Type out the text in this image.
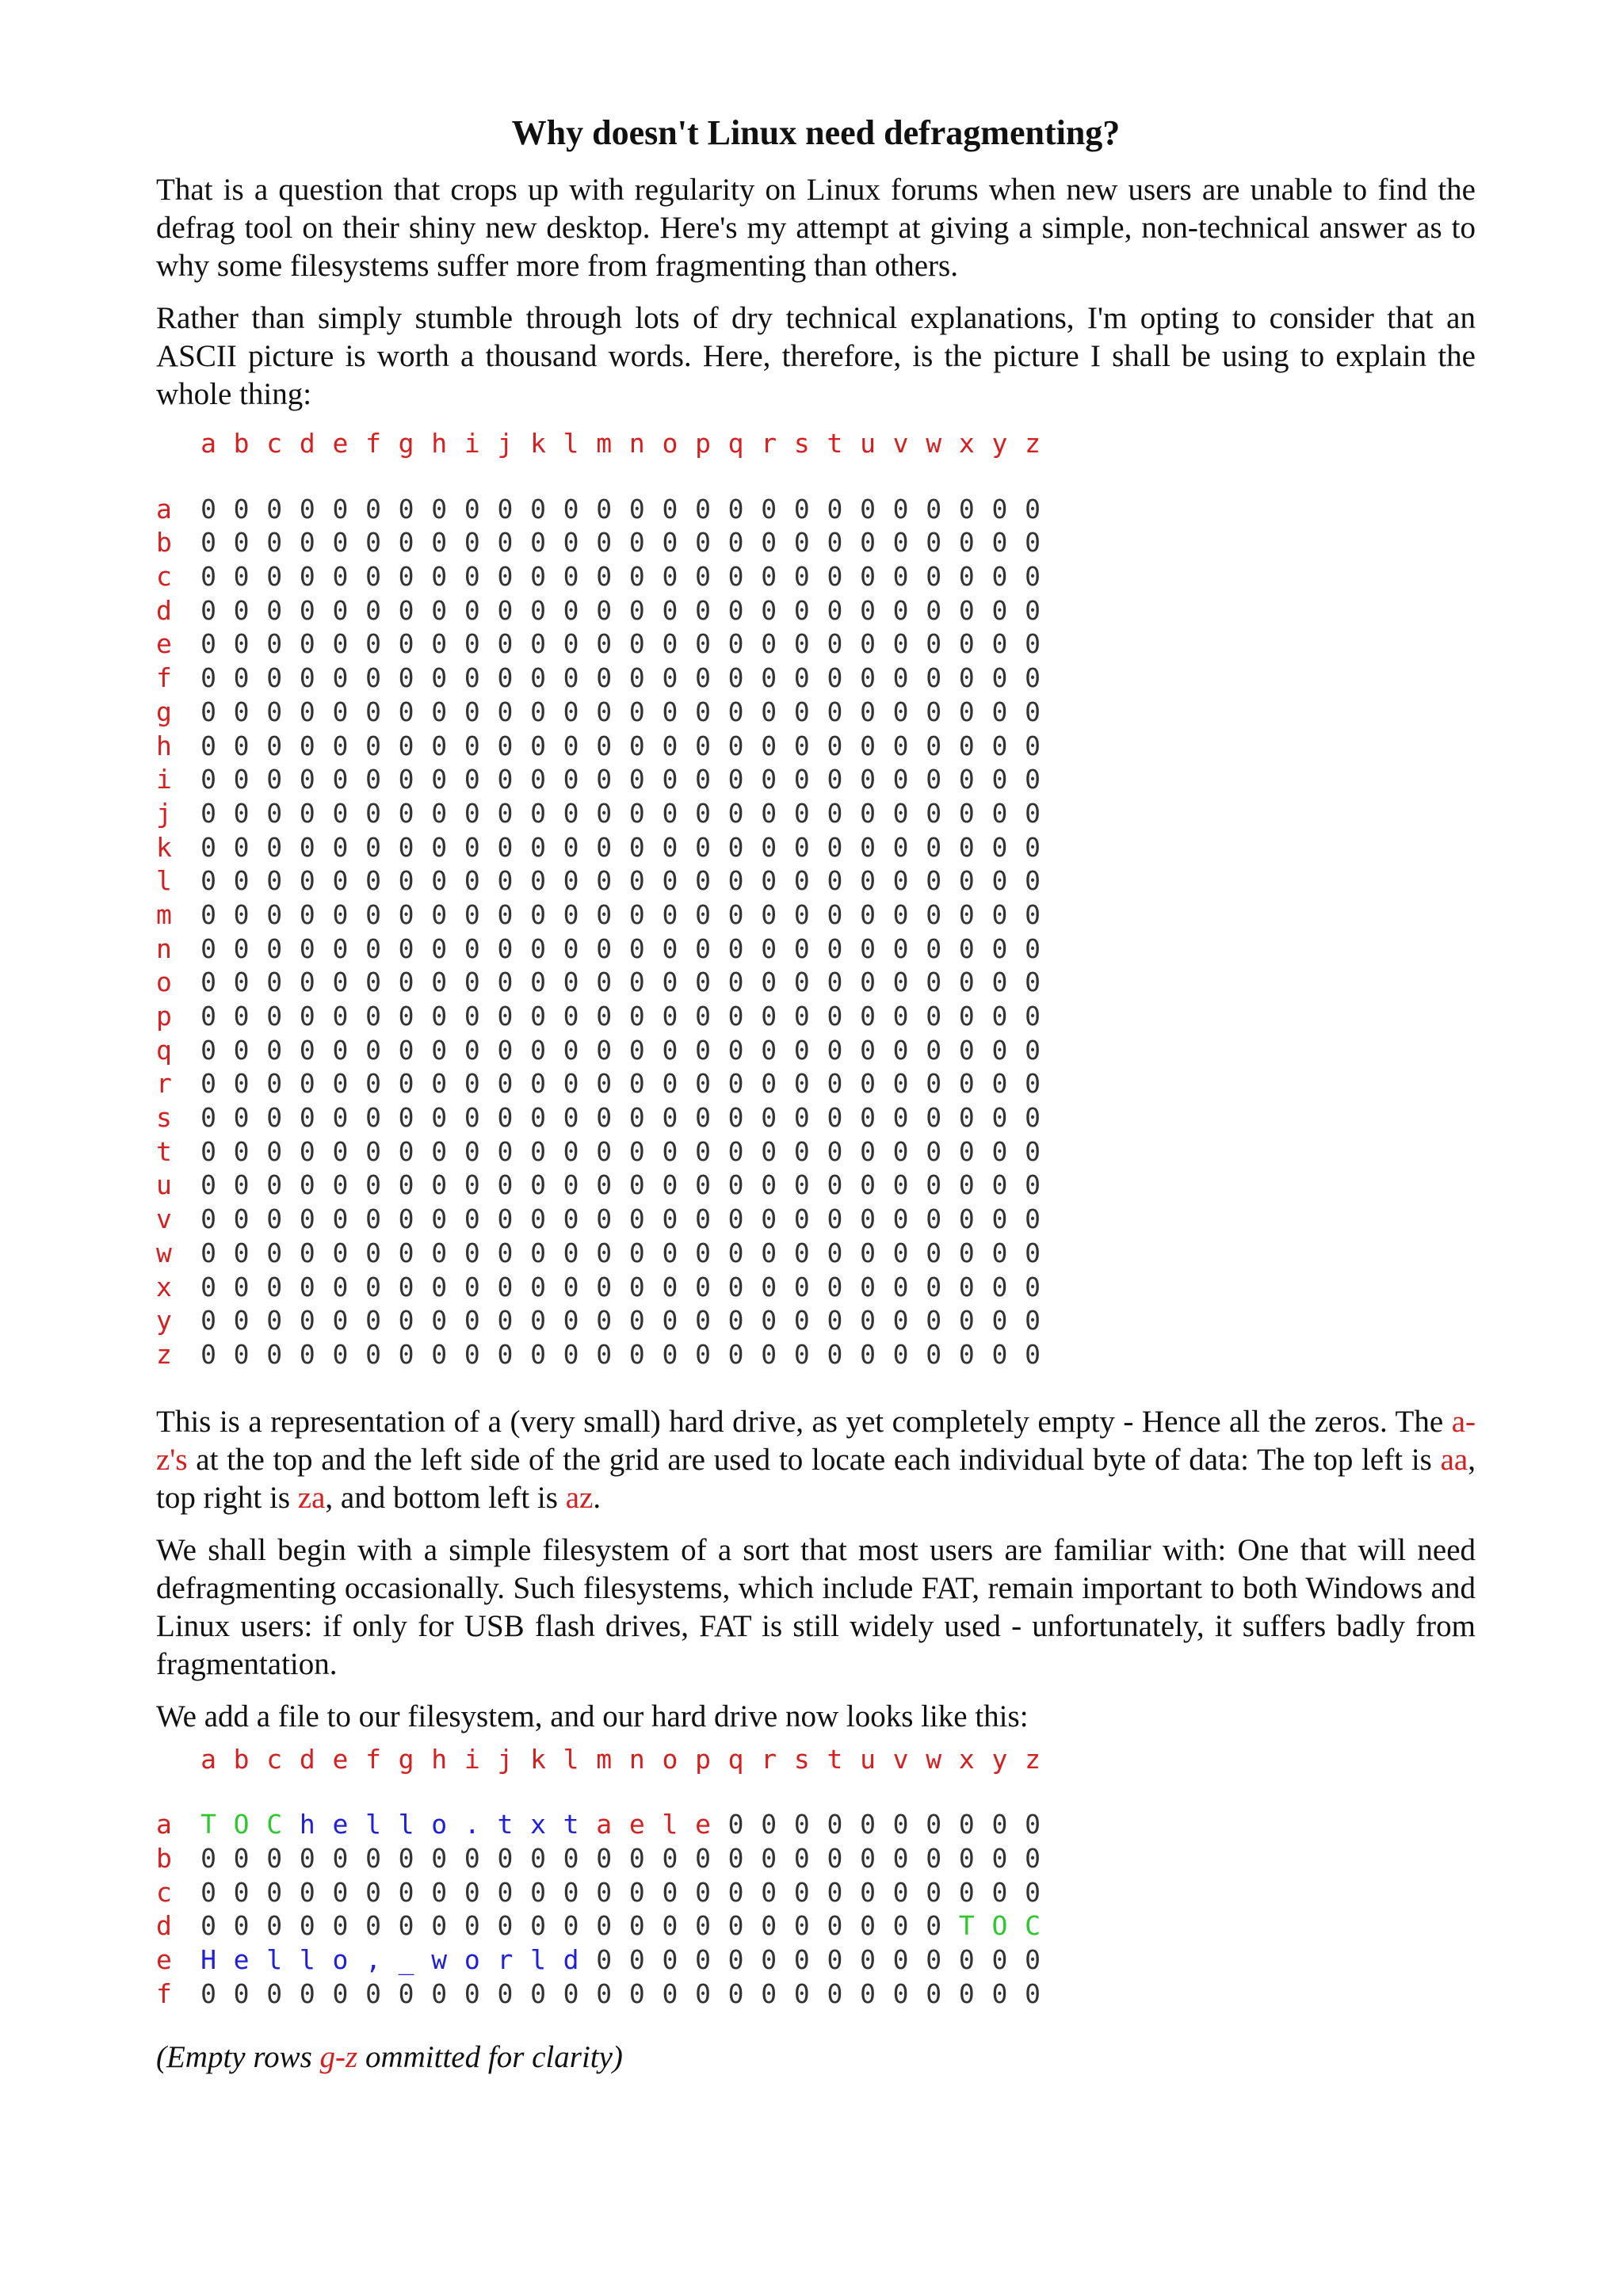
Why doesn't Linux need defragmenting?

That is a question that crops up with regularity on Linux forums when new users are unable to find the defrag tool on their shiny new desktop. Here's my attempt at giving a simple, non-technical answer as to why some filesystems suffer more from fragmenting than others.

Rather than simply stumble through lots of dry technical explanations, I'm opting to consider that an ASCII picture is worth a thousand words. Here, therefore, is the picture I shall be using to explain the whole thing:

a b c d e f g h i j k l m n o p q r s t u v w x y z
a	0 0 0 0 0 0 0 0 0 0 0 0 0 0 0 0 0 0 0 0 0 0 0 0 0 0
b	0 0 0 0 0 0 0 0 0 0 0 0 0 0 0 0 0 0 0 0 0 0 0 0 0 0
c	0 0 0 0 0 0 0 0 0 0 0 0 0 0 0 0 0 0 0 0 0 0 0 0 0 0
d	0 0 0 0 0 0 0 0 0 0 0 0 0 0 0 0 0 0 0 0 0 0 0 0 0 0
e	0 0 0 0 0 0 0 0 0 0 0 0 0 0 0 0 0 0 0 0 0 0 0 0 0 0
f	0 0 0 0 0 0 0 0 0 0 0 0 0 0 0 0 0 0 0 0 0 0 0 0 0 0
g	0 0 0 0 0 0 0 0 0 0 0 0 0 0 0 0 0 0 0 0 0 0 0 0 0 0
h	0 0 0 0 0 0 0 0 0 0 0 0 0 0 0 0 0 0 0 0 0 0 0 0 0 0
i	0 0 0 0 0 0 0 0 0 0 0 0 0 0 0 0 0 0 0 0 0 0 0 0 0 0
j	0 0 0 0 0 0 0 0 0 0 0 0 0 0 0 0 0 0 0 0 0 0 0 0 0 0
k	0 0 0 0 0 0 0 0 0 0 0 0 0 0 0 0 0 0 0 0 0 0 0 0 0 0
l	0 0 0 0 0 0 0 0 0 0 0 0 0 0 0 0 0 0 0 0 0 0 0 0 0 0
m	0 0 0 0 0 0 0 0 0 0 0 0 0 0 0 0 0 0 0 0 0 0 0 0 0 0
n	0 0 0 0 0 0 0 0 0 0 0 0 0 0 0 0 0 0 0 0 0 0 0 0 0 0
o	0 0 0 0 0 0 0 0 0 0 0 0 0 0 0 0 0 0 0 0 0 0 0 0 0 0
p	0 0 0 0 0 0 0 0 0 0 0 0 0 0 0 0 0 0 0 0 0 0 0 0 0 0
q	0 0 0 0 0 0 0 0 0 0 0 0 0 0 0 0 0 0 0 0 0 0 0 0 0 0
r	0 0 0 0 0 0 0 0 0 0 0 0 0 0 0 0 0 0 0 0 0 0 0 0 0 0
s	0 0 0 0 0 0 0 0 0 0 0 0 0 0 0 0 0 0 0 0 0 0 0 0 0 0
t	0 0 0 0 0 0 0 0 0 0 0 0 0 0 0 0 0 0 0 0 0 0 0 0 0 0
u	0 0 0 0 0 0 0 0 0 0 0 0 0 0 0 0 0 0 0 0 0 0 0 0 0 0
v	0 0 0 0 0 0 0 0 0 0 0 0 0 0 0 0 0 0 0 0 0 0 0 0 0 0
w	0 0 0 0 0 0 0 0 0 0 0 0 0 0 0 0 0 0 0 0 0 0 0 0 0 0
x	0 0 0 0 0 0 0 0 0 0 0 0 0 0 0 0 0 0 0 0 0 0 0 0 0 0
y	0 0 0 0 0 0 0 0 0 0 0 0 0 0 0 0 0 0 0 0 0 0 0 0 0 0
z	0 0 0 0 0 0 0 0 0 0 0 0 0 0 0 0 0 0 0 0 0 0 0 0 0 0

This is a representation of a (very small) hard drive, as yet completely empty - Hence all the zeros. The a-z's at the top and the left side of the grid are used to locate each individual byte of data: The top left is aa, top right is za, and bottom left is az.

We shall begin with a simple filesystem of a sort that most users are familiar with: One that will need defragmenting occasionally. Such filesystems, which include FAT, remain important to both Windows and Linux users: if only for USB flash drives, FAT is still widely used - unfortunately, it suffers badly from fragmentation.

We add a file to our filesystem, and our hard drive now looks like this:

a b c d e f g h i j k l m n o p q r s t u v w x y z
a	T O C h e l l o . t x t a e l e 0 0 0 0 0 0 0 0 0 0
b	0 0 0 0 0 0 0 0 0 0 0 0 0 0 0 0 0 0 0 0 0 0 0 0 0 0
c	0 0 0 0 0 0 0 0 0 0 0 0 0 0 0 0 0 0 0 0 0 0 0 0 0 0
d	0 0 0 0 0 0 0 0 0 0 0 0 0 0 0 0 0 0 0 0 0 0 0 T O C
e	H e l l o , _ w o r l d 0 0 0 0 0 0 0 0 0 0 0 0 0 0
f	0 0 0 0 0 0 0 0 0 0 0 0 0 0 0 0 0 0 0 0 0 0 0 0 0 0

(Empty rows g-z ommitted for clarity)
